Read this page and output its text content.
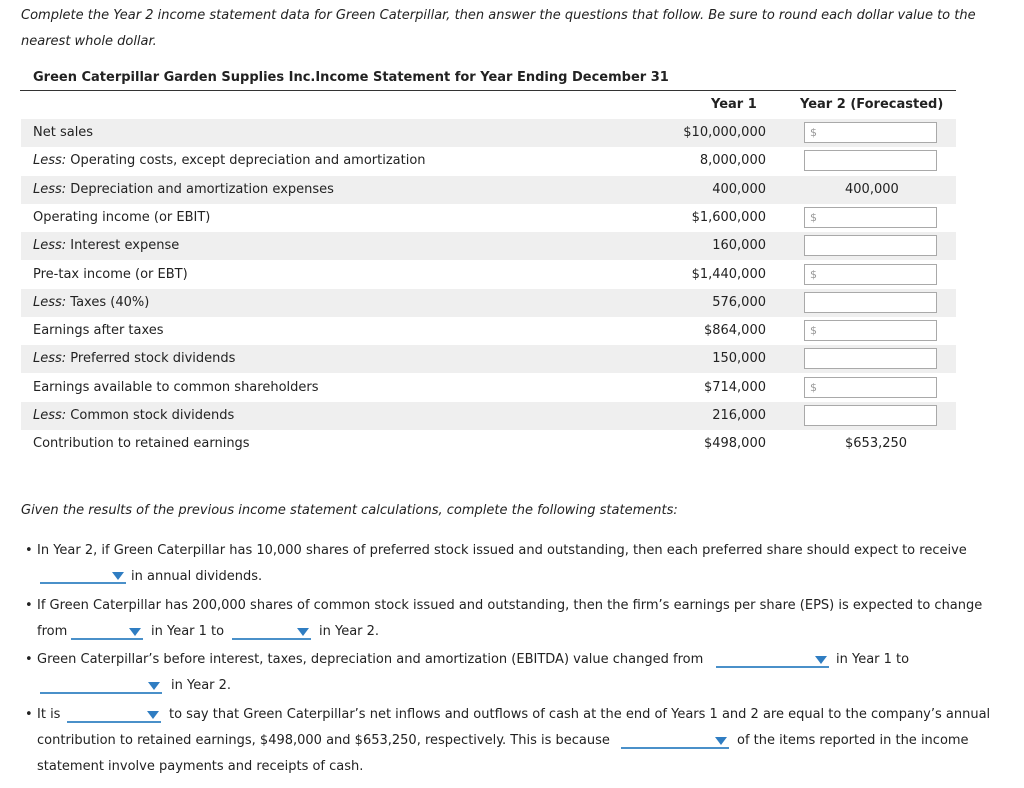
Complete the Year 2 income statement data for Green Caterpillar, then answer the questions that follow. Be sure to round each dollar value to the nearest whole dollar.
Green Caterpillar Garden Supplies Inc.Income Statement for Year Ending December 31
Year 1	Year 2 (Forecasted)
Net sales	$10,000,000	$
Less: Operating costs, except depreciation and amortization	8,000,000
Less: Depreciation and amortization expenses	400,000	400,000
Operating income (or EBIT)	$1,600,000	$
Less: Interest expense	160,000
Pre-tax income (or EBT)	$1,440,000	$
Less: Taxes (40%)	576,000
Earnings after taxes	$864,000	$
Less: Preferred stock dividends	150,000
Earnings available to common shareholders	$714,000	$
Less: Common stock dividends	216,000
Contribution to retained earnings	$498,000	$653,250
Given the results of the previous income statement calculations, complete the following statements:
• In Year 2, if Green Caterpillar has 10,000 shares of preferred stock issued and outstanding, then each preferred share should expect to receive
in annual dividends.
• If Green Caterpillar has 200,000 shares of common stock issued and outstanding, then the firm’s earnings per share (EPS) is expected to change
from	in Year 1 to	in Year 2.
• Green Caterpillar’s before interest, taxes, depreciation and amortization (EBITDA) value changed from	in Year 1 to
in Year 2.
• It is	to say that Green Caterpillar’s net inflows and outflows of cash at the end of Years 1 and 2 are equal to the company’s annual
contribution to retained earnings, $498,000 and $653,250, respectively. This is because	of the items reported in the income
statement involve payments and receipts of cash.
